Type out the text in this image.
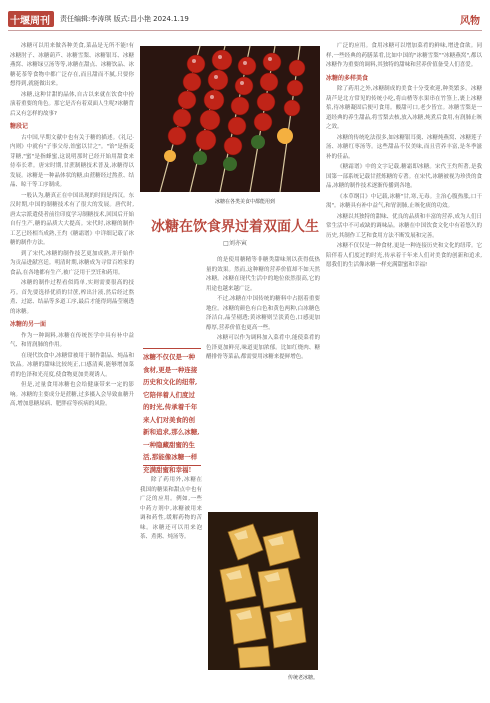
十堰周刊 责任编辑:李涛琪 版式:昌小艳 2024.1.19	风物

冰糖可以用来做各种美食,菜品是无所不能!有冰糖肘子、冰糖葫芦、冰糖雪梨、冰糖银耳、冰糖燕窝、冰糖绿豆汤等等,冰糖在甜点、冰糖饮品、冰糖花茶等食物中都广泛存在,而且甜而不腻,只要你想得到,就能做出来。

冰糖,这种甘甜的晶体,自古以来就在饮食中扮演着重要的角色。那它是否有着双面人生呢?冰糖背后又有怎样的故事?

糖段记

古中国,早期文献中也有关于糖的描述。《礼记·内则》中就有"子事父母,饴蜜以甘之"。"饴"是指麦芽糖,"蜜"是指蜂蜜,这说明那时已经开始用甜食来侍奉长辈。唐宋时期,甘蔗制糖技术普及,冰糖得以发展。冰糖是一种晶体状的糖,由蔗糖经过熬煮、结晶、晾干等工序制成。

一般认为,糖真正在中国出现的时间是西汉。东汉时期,中国的制糖技术有了很大的发展。唐代时,唐太宗派遣使者前往印度学习制糖技术,回国后开始自行生产,糖的品质大大提高。宋代时,冰糖的制作工艺已经相当成熟,王灼《糖霜谱》中详细记载了冰糖的制作方法。

到了宋代,冰糖的制作技艺更加成熟,并开始作为贡品进献宫廷。明清时期,冰糖成为寻常百姓家的食品,在各地都有生产,被广泛用于烹饪和药用。

冰糖的制作过程看似简单,实则需要很高的技巧。首先要选择优质的甘蔗,榨出汁液,然后经过熬煮、过滤、结晶等多道工序,最后才能得到晶莹剔透的冰糖。

冰糖的另一面

作为一种调料,冰糖在传统医学中具有补中益气、和胃润肺的作用。

在现代饮食中,冰糖常被用于制作甜品、炖品和饮品。冰糖的甜味比较纯正,口感清爽,能够增加菜肴的色泽和光亮度,使食物更加美观诱人。

但是,过量食用冰糖也会给健康带来一定的影响。冰糖的主要成分是蔗糖,过多摄入会导致血糖升高,增加患糖尿病、肥胖症等疾病的风险。

冰糖在各类美食中都能用到
冰糖在饮食界过着双面人生
□刘亦寅

的是使用糖精等非糖类甜味剂以获得低热量的效果。然而,这种糖的营养价值却不如天然冰糖。冰糖在现代生活中的地位依然很高,它的用途也越来越广泛。

不过,冰糖在中国传统的糖料中占据着重要地位。冰糖的颜色有白色和黄色两种,白冰糖色泽洁白,晶莹剔透;黄冰糖则呈淡黄色,口感更加醇厚,营养价值也更高一些。

冰糖可以作为调料加入菜肴中,能使菜肴的色泽更加鲜亮,味道更加浓郁。比如红烧肉、糖醋排骨等菜品,都需要用冰糖来提鲜增色。

冰糖不仅仅是一种食材,更是一种连接历史和文化的纽带,它陪伴着人们度过的时光,传承着千年来人们对美食的创新和追求,那么冰糖,一种隐藏甜蜜的生活,那能像冰糖一样充满甜蜜和幸福!

除了药用外,冰糖在我国的糖果和甜点中也有广泛的应用。例如,一些中药方剂中,冰糖被用来调和药性,缓解药物的苦味。冰糖还可以用来泡茶、煮粥、炖汤等。

传统老冰糖。

广泛的应用。食用冰糖可以增加菜肴的鲜味,增进食欲。同样,一些经典的药膳菜肴,比如中国的"冰糖雪梨""冰糖燕窝",都以冰糖作为重要的调料,其独特的甜味和营养价值备受人们喜爱。

冰糖的多样美食

除了药用之外,冰糖制成的美食十分受欢迎,种类繁多。冰糖葫芦是北方常见的传统小吃,将山楂等水果串在竹签上,裹上冰糖浆,待冰糖凝固后便可食用。酸甜可口,老少皆宜。冰糖雪梨是一道经典的养生甜品,将雪梨去核,放入冰糖,炖煮后食用,有润肺止咳之效。

冰糖的传统吃法很多,如冰糖银耳羹、冰糖炖燕窝、冰糖莲子汤、冰糖红枣汤等。这些甜品不仅美味,而且营养丰富,是冬季滋补的佳品。

《糖霜谱》中的文字记载,糖霜即冰糖。宋代王灼所著,是我国第一部系统记载甘蔗炼糖的专著。在宋代,冰糖被视为珍贵的食品,冰糖的制作技术逐渐传播到各地。

《本草纲目》中记载,冰糖"甘,寒,无毒。主治心腹热胀,口干渴"。冰糖具有补中益气,和胃润肺,止咳化痰的功效。

冰糖以其独特的甜味、优良的品质和丰富的营养,成为人们日常生活中不可或缺的调味品。冰糖在中国饮食文化中有着悠久的历史,其制作工艺和食用方法不断发展和完善。

冰糖不仅仅是一种食材,更是一种连接历史和文化的纽带。它陪伴着人们度过的时光,传承着千年来人们对美食的创新和追求,愿我们的生活像冰糖一样充满甜蜜和幸福!
